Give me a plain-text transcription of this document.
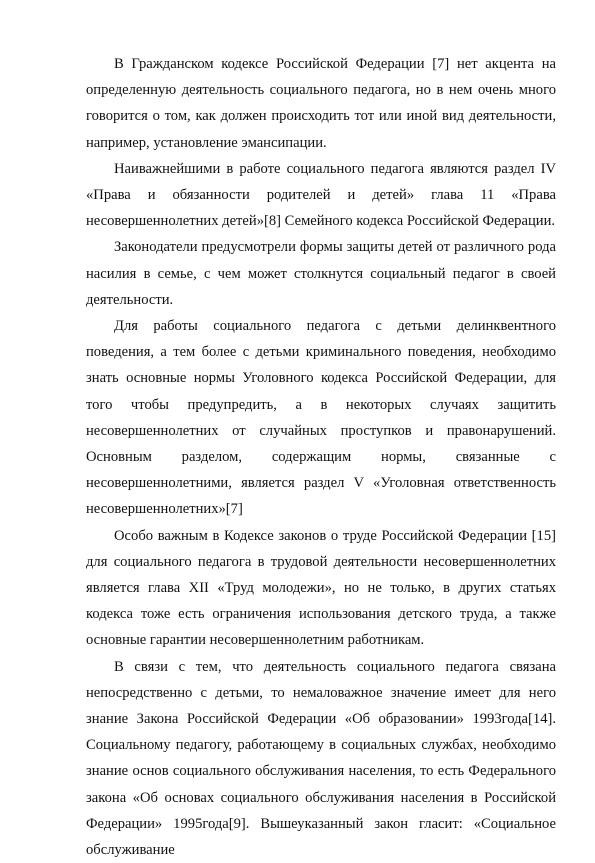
В Гражданском кодексе Российской Федерации [7] нет акцента на определенную деятельность социального педагога, но в нем очень много говорится о том, как должен происходить тот или иной вид деятельности, например, установление эмансипации.

Наиважнейшими в работе социального педагога являются раздел IV «Права и обязанности родителей и детей» глава 11 «Права несовершеннолетних детей»[8] Семейного кодекса Российской Федерации.

Законодатели предусмотрели формы защиты детей от различного рода насилия в семье, с чем может столкнутся социальный педагог в своей деятельности.

Для работы социального педагога с детьми делинквентного поведения, а тем более с детьми криминального поведения, необходимо знать основные нормы Уголовного кодекса Российской Федерации, для того чтобы предупредить, а в некоторых случаях защитить несовершеннолетних от случайных проступков и правонарушений. Основным разделом, содержащим нормы, связанные с несовершеннолетними, является раздел V «Уголовная ответственность несовершеннолетних»[7]

Особо важным в Кодексе законов о труде Российской Федерации [15] для социального педагога в трудовой деятельности несовершеннолетних является глава XII «Труд молодежи», но не только, в других статьях кодекса тоже есть ограничения использования детского труда, а также основные гарантии несовершеннолетним работникам.

В связи с тем, что деятельность социального педагога связана непосредственно с детьми, то немаловажное значение имеет для него знание Закона Российской Федерации «Об образовании» 1993года[14]. Социальному педагогу, работающему в социальных службах, необходимо знание основ социального обслуживания населения, то есть Федерального закона «Об основах социального обслуживания населения в Российской Федерации» 1995года[9]. Вышеуказанный закон гласит: «Социальное обслуживание
